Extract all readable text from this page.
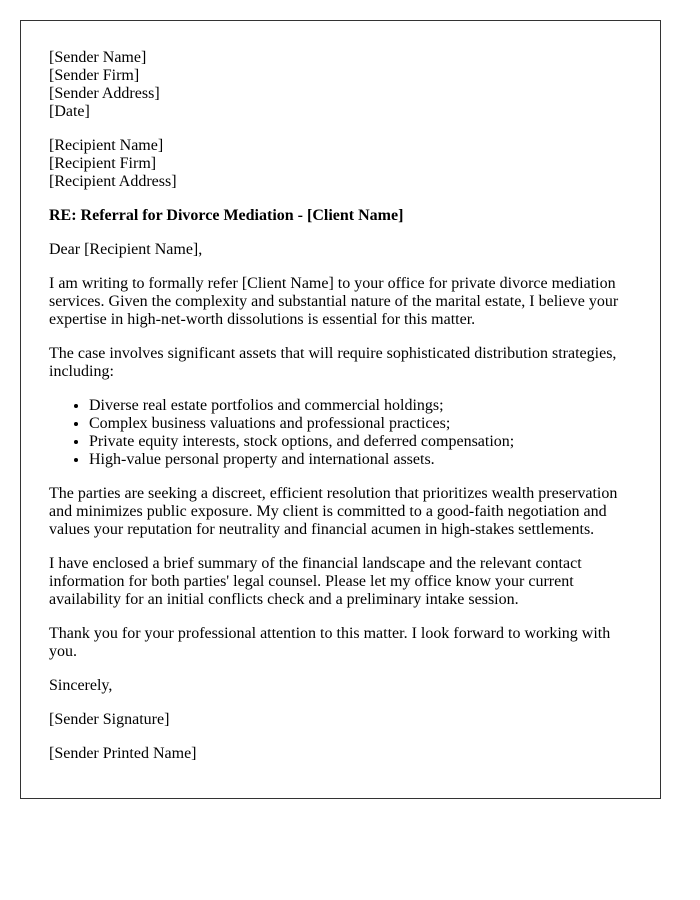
[Sender Name]
[Sender Firm]
[Sender Address]
[Date]
[Recipient Name]
[Recipient Firm]
[Recipient Address]
RE: Referral for Divorce Mediation - [Client Name]

Dear [Recipient Name],

I am writing to formally refer [Client Name] to your office for private divorce mediation services. Given the complexity and substantial nature of the marital estate, I believe your expertise in high-net-worth dissolutions is essential for this matter.

The case involves significant assets that will require sophisticated distribution strategies, including:

• Diverse real estate portfolios and commercial holdings;
• Complex business valuations and professional practices;
• Private equity interests, stock options, and deferred compensation;
• High-value personal property and international assets.

The parties are seeking a discreet, efficient resolution that prioritizes wealth preservation and minimizes public exposure. My client is committed to a good-faith negotiation and values your reputation for neutrality and financial acumen in high-stakes settlements.

I have enclosed a brief summary of the financial landscape and the relevant contact information for both parties' legal counsel. Please let my office know your current availability for an initial conflicts check and a preliminary intake session.

Thank you for your professional attention to this matter. I look forward to working with you.

Sincerely,

[Sender Signature]

[Sender Printed Name]
